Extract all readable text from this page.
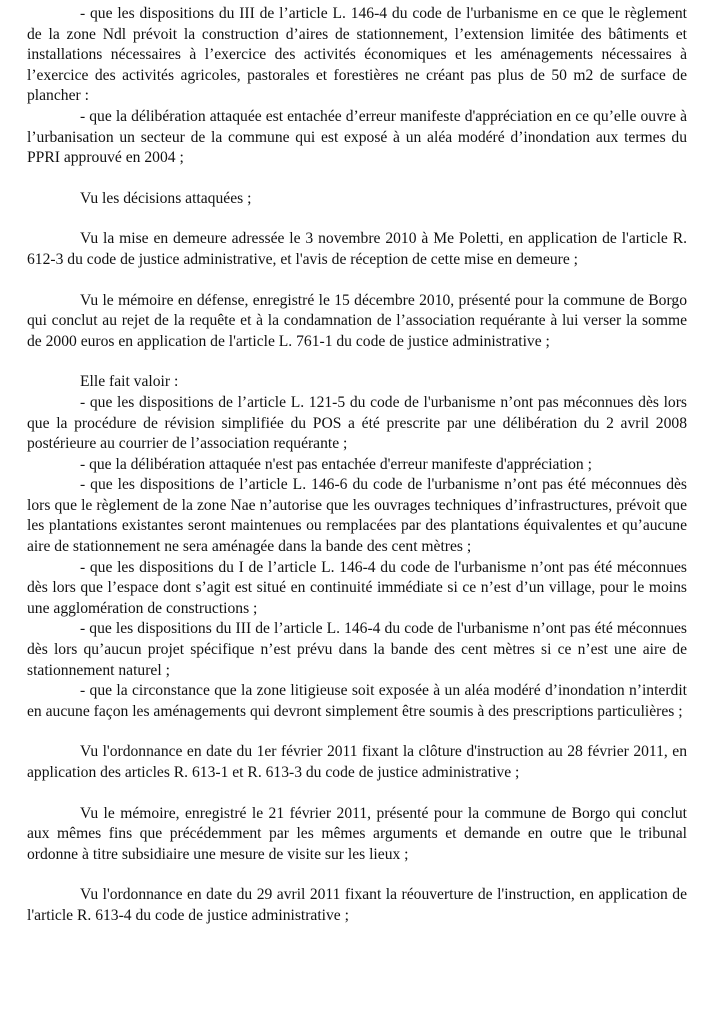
- que les dispositions du III de l’article L. 146-4 du code de l'urbanisme en ce que le règlement de la zone Ndl prévoit la construction d’aires de stationnement, l’extension limitée des bâtiments et installations nécessaires à l’exercice des activités économiques et les aménagements nécessaires à l’exercice des activités agricoles, pastorales et forestières ne créant pas plus de 50 m2 de surface de plancher :

- que la délibération attaquée est entachée d’erreur manifeste d'appréciation en ce qu’elle ouvre à l’urbanisation un secteur de la commune qui est exposé à un aléa modéré d’inondation aux termes du PPRI approuvé en 2004 ;

Vu les décisions attaquées ;

Vu la mise en demeure adressée le 3 novembre 2010 à Me Poletti, en application de l'article R. 612-3 du code de justice administrative, et l'avis de réception de cette mise en demeure ;

Vu le mémoire en défense, enregistré le 15 décembre 2010, présenté pour la commune de Borgo qui conclut au rejet de la requête et à la condamnation de l’association requérante à lui verser la somme de 2000 euros en application de l'article L. 761-1 du code de justice administrative ;

Elle fait valoir :

- que les dispositions de l’article L. 121-5 du code de l'urbanisme n’ont pas méconnues dès lors que la procédure de révision simplifiée du POS a été prescrite par une délibération du 2 avril 2008 postérieure au courrier de l’association requérante ;

- que la délibération attaquée n'est pas entachée d'erreur manifeste d'appréciation ;

- que les dispositions de l’article L. 146-6 du code de l'urbanisme n’ont pas été méconnues dès lors que le règlement de la zone Nae n’autorise que les ouvrages techniques d’infrastructures, prévoit que les plantations existantes seront maintenues ou remplacées par des plantations équivalentes et qu’aucune aire de stationnement ne sera aménagée dans la bande des cent mètres ;

- que les dispositions du I de l’article L. 146-4 du code de l'urbanisme n’ont pas été méconnues dès lors que l’espace dont s’agit est situé en continuité immédiate si ce n’est d’un village, pour le moins une agglomération de constructions ;

- que les dispositions du III de l’article L. 146-4 du code de l'urbanisme n’ont pas été méconnues dès lors qu’aucun projet spécifique n’est prévu dans la bande des cent mètres si ce n’est une aire de stationnement naturel ;

- que la circonstance que la zone litigieuse soit exposée à un aléa modéré d’inondation n’interdit en aucune façon les aménagements qui devront simplement être soumis à des prescriptions particulières ;

Vu l'ordonnance en date du 1er février 2011 fixant la clôture d'instruction au 28 février 2011, en application des articles R. 613-1 et R. 613-3 du code de justice administrative ;

Vu le mémoire, enregistré le 21 février 2011, présenté pour la commune de Borgo qui conclut aux mêmes fins que précédemment par les mêmes arguments et demande en outre que le tribunal ordonne à titre subsidiaire une mesure de visite sur les lieux ;

Vu l'ordonnance en date du 29 avril 2011 fixant la réouverture de l'instruction, en application de l'article R. 613-4 du code de justice administrative ;
